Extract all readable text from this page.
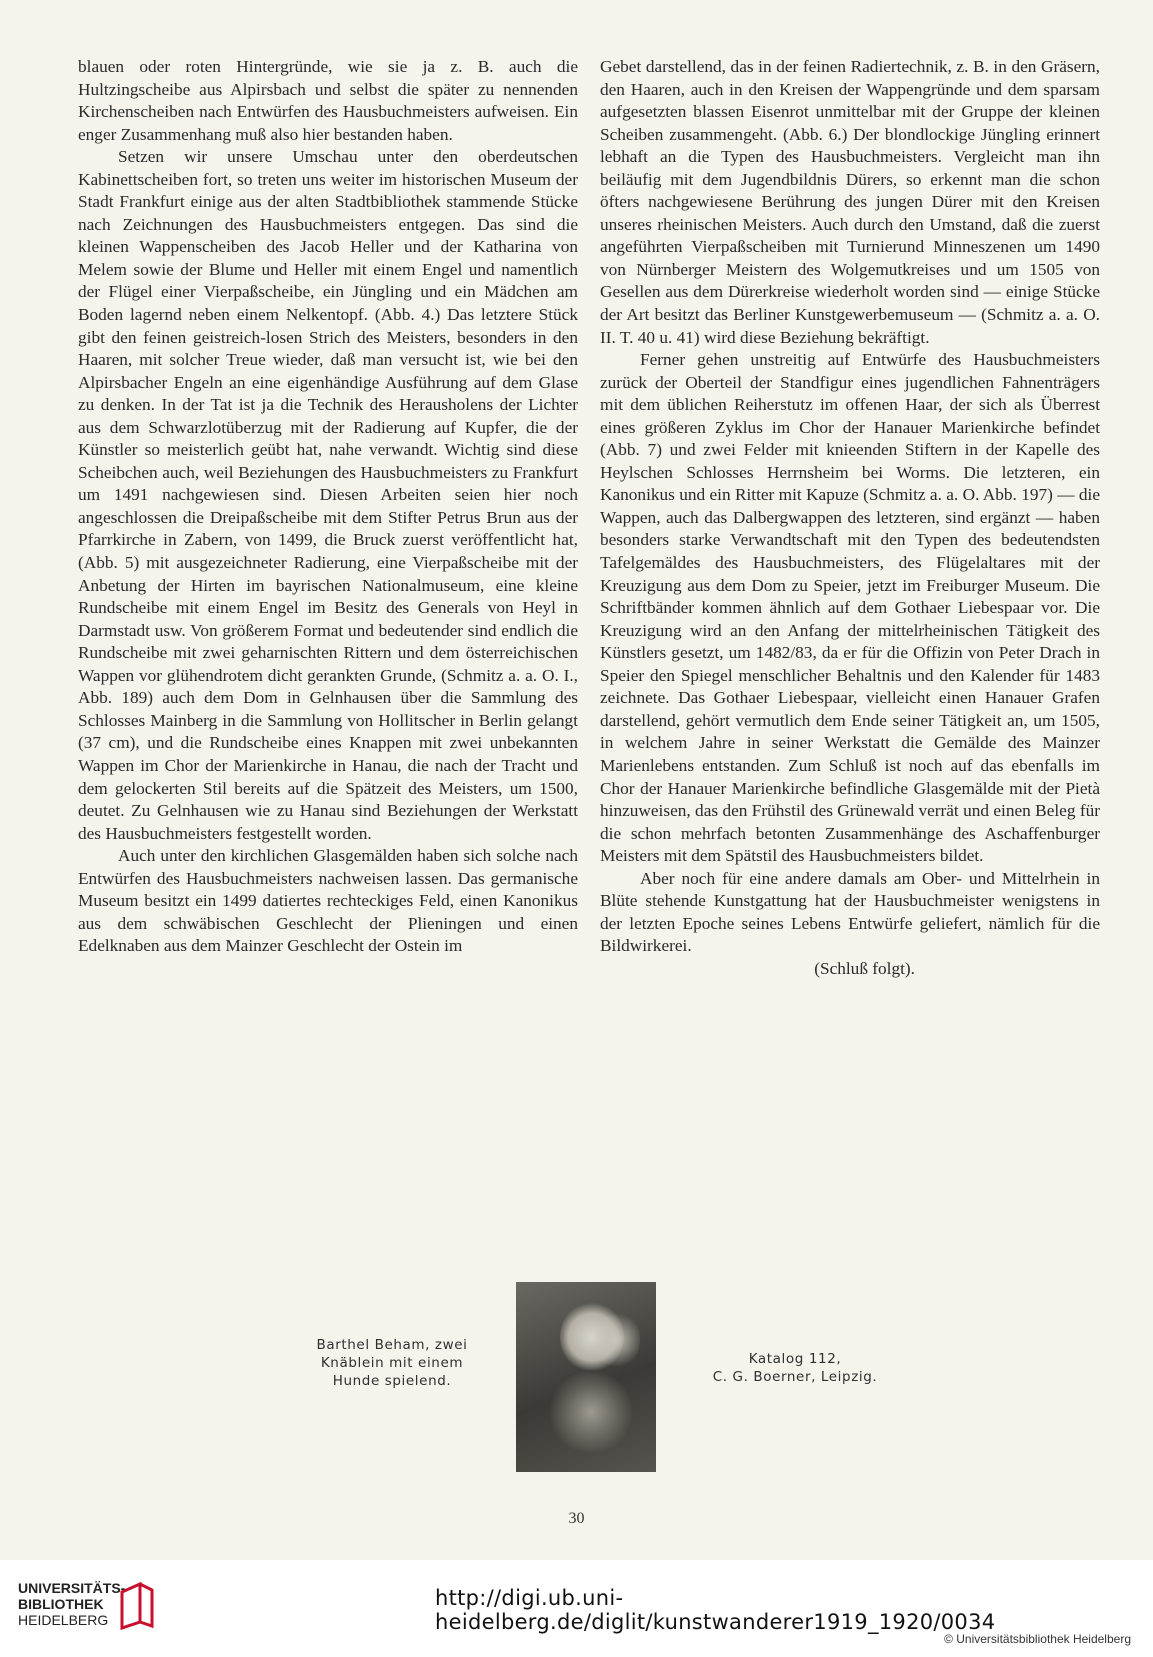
blauen oder roten Hintergründe, wie sie ja z. B. auch die Hultzingscheibe aus Alpirsbach und selbst die später zu nennenden Kirchenscheiben nach Entwürfen des Hausbuchmeisters aufweisen. Ein enger Zusammenhang muß also hier bestanden haben.

Setzen wir unsere Umschau unter den oberdeutschen Kabinettscheiben fort, so treten uns weiter im historischen Museum der Stadt Frankfurt einige aus der alten Stadtbibliothek stammende Stücke nach Zeichnungen des Hausbuchmeisters entgegen. Das sind die kleinen Wappenscheiben des Jacob Heller und der Katharina von Melem sowie der Blume und Heller mit einem Engel und namentlich der Flügel einer Vierpaßscheibe, ein Jüngling und ein Mädchen am Boden lagernd neben einem Nelkentopf. (Abb. 4.) Das letztere Stück gibt den feinen geistreich-losen Strich des Meisters, besonders in den Haaren, mit solcher Treue wieder, daß man versucht ist, wie bei den Alpirsbacher Engeln an eine eigenhändige Ausführung auf dem Glase zu denken. In der Tat ist ja die Technik des Herausholens der Lichter aus dem Schwarzlotüberzug mit der Radierung auf Kupfer, die der Künstler so meisterlich geübt hat, nahe verwandt. Wichtig sind diese Scheibchen auch, weil Beziehungen des Hausbuchmeisters zu Frankfurt um 1491 nachgewiesen sind. Diesen Arbeiten seien hier noch angeschlossen die Dreipaßscheibe mit dem Stifter Petrus Brun aus der Pfarrkirche in Zabern, von 1499, die Bruck zuerst veröffentlicht hat, (Abb. 5) mit ausgezeichneter Radierung, eine Vierpaßscheibe mit der Anbetung der Hirten im bayrischen Nationalmuseum, eine kleine Rundscheibe mit einem Engel im Besitz des Generals von Heyl in Darmstadt usw. Von größerem Format und bedeutender sind endlich die Rundscheibe mit zwei geharnischten Rittern und dem österreichischen Wappen vor glühendrotem dicht gerankten Grunde, (Schmitz a. a. O. I., Abb. 189) auch dem Dom in Gelnhausen über die Sammlung des Schlosses Mainberg in die Sammlung von Hollitscher in Berlin gelangt (37 cm), und die Rundscheibe eines Knappen mit zwei unbekannten Wappen im Chor der Marienkirche in Hanau, die nach der Tracht und dem gelockerten Stil bereits auf die Spätzeit des Meisters, um 1500, deutet. Zu Gelnhausen wie zu Hanau sind Beziehungen der Werkstatt des Hausbuchmeisters festgestellt worden.

Auch unter den kirchlichen Glasgemälden haben sich solche nach Entwürfen des Hausbuchmeisters nachweisen lassen. Das germanische Museum besitzt ein 1499 datiertes rechteckiges Feld, einen Kanonikus aus dem schwäbischen Geschlecht der Plieningen und einen Edelknaben aus dem Mainzer Geschlecht der Ostein im

Gebet darstellend, das in der feinen Radiertechnik, z. B. in den Gräsern, den Haaren, auch in den Kreisen der Wappengründe und dem sparsam aufgesetzten blassen Eisenrot unmittelbar mit der Gruppe der kleinen Scheiben zusammengeht. (Abb. 6.) Der blondlockige Jüngling erinnert lebhaft an die Typen des Hausbuchmeisters. Vergleicht man ihn beiläufig mit dem Jugendbildnis Dürers, so erkennt man die schon öfters nachgewiesene Berührung des jungen Dürer mit den Kreisen unseres rheinischen Meisters. Auch durch den Umstand, daß die zuerst angeführten Vierpaßscheiben mit Turnierund Minneszenen um 1490 von Nürnberger Meistern des Wolgemutkreises und um 1505 von Gesellen aus dem Dürerkreise wiederholt worden sind — einige Stücke der Art besitzt das Berliner Kunstgewerbemuseum — (Schmitz a. a. O. II. T. 40 u. 41) wird diese Beziehung bekräftigt.

Ferner gehen unstreitig auf Entwürfe des Hausbuchmeisters zurück der Oberteil der Standfigur eines jugendlichen Fahnenträgers mit dem üblichen Reiherstutz im offenen Haar, der sich als Überrest eines größeren Zyklus im Chor der Hanauer Marienkirche befindet (Abb. 7) und zwei Felder mit knieenden Stiftern in der Kapelle des Heylschen Schlosses Herrnsheim bei Worms. Die letzteren, ein Kanonikus und ein Ritter mit Kapuze (Schmitz a. a. O. Abb. 197) — die Wappen, auch das Dalbergwappen des letzteren, sind ergänzt — haben besonders starke Verwandtschaft mit den Typen des bedeutendsten Tafelgemäldes des Hausbuchmeisters, des Flügelaltares mit der Kreuzigung aus dem Dom zu Speier, jetzt im Freiburger Museum. Die Schriftbänder kommen ähnlich auf dem Gothaer Liebespaar vor. Die Kreuzigung wird an den Anfang der mittelrheinischen Tätigkeit des Künstlers gesetzt, um 1482/83, da er für die Offizin von Peter Drach in Speier den Spiegel menschlicher Behaltnis und den Kalender für 1483 zeichnete. Das Gothaer Liebespaar, vielleicht einen Hanauer Grafen darstellend, gehört vermutlich dem Ende seiner Tätigkeit an, um 1505, in welchem Jahre in seiner Werkstatt die Gemälde des Mainzer Marienlebens entstanden. Zum Schluß ist noch auf das ebenfalls im Chor der Hanauer Marienkirche befindliche Glasgemälde mit der Pietà hinzuweisen, das den Frühstil des Grünewald verrät und einen Beleg für die schon mehrfach betonten Zusammenhänge des Aschaffenburger Meisters mit dem Spätstil des Hausbuchmeisters bildet.

Aber noch für eine andere damals am Ober- und Mittelrhein in Blüte stehende Kunstgattung hat der Hausbuchmeister wenigstens in der letzten Epoche seines Lebens Entwürfe geliefert, nämlich für die Bildwirkerei.

(Schluß folgt).

Barthel Beham, zwei
Knäblein mit einem
Hunde spielend.
Katalog 112,
C. G. Boerner, Leipzig.
30
UNIVERSITÄTS-
BIBLIOTHEK
HEIDELBERG
http://digi.ub.uni-heidelberg.de/diglit/kunstwanderer1919_1920/0034
© Universitätsbibliothek Heidelberg
